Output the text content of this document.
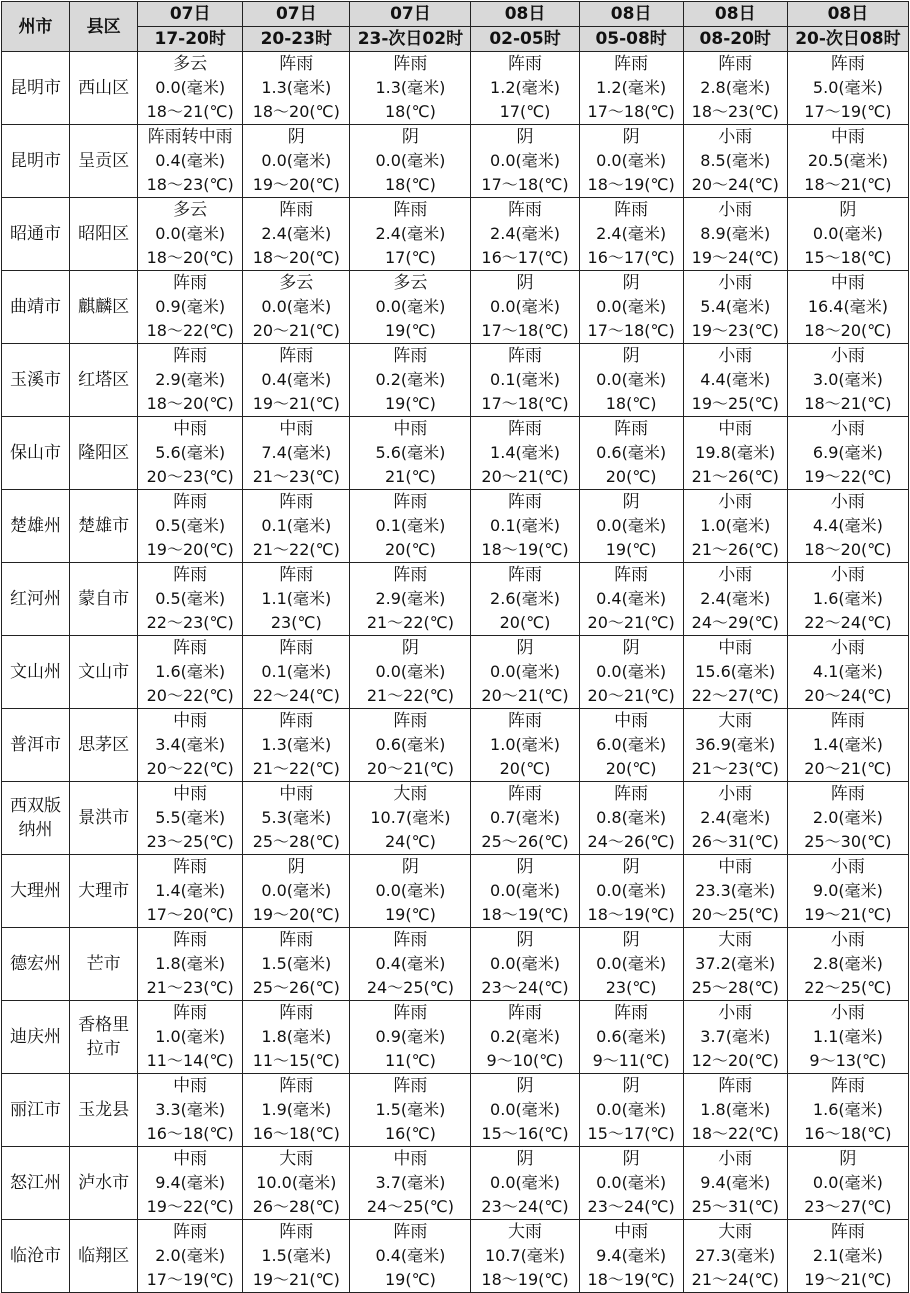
州市	县区	07日	07日	07日	08日	08日	08日	08日
		17-20时	20-23时	23-次日02时	02-05时	05-08时	08-20时	20-次日08时
昆明市	西山区	多云
0.0(毫米)
18～21(℃)	阵雨
1.3(毫米)
18～20(℃)	阵雨
1.3(毫米)
18(℃)	阵雨
1.2(毫米)
17(℃)	阵雨
1.2(毫米)
17～18(℃)	阵雨
2.8(毫米)
18～23(℃)	阵雨
5.0(毫米)
17～19(℃)

昆明市	呈贡区	阵雨转中雨
0.4(毫米)
18～23(℃)	阴
0.0(毫米)
19～20(℃)	阴
0.0(毫米)
18(℃)	阴
0.0(毫米)
17～18(℃)	阴
0.0(毫米)
18～19(℃)	小雨
8.5(毫米)
20～24(℃)	中雨
20.5(毫米)
18～21(℃)

昭通市	昭阳区	多云
0.0(毫米)
18～20(℃)	阵雨
2.4(毫米)
18～20(℃)	阵雨
2.4(毫米)
17(℃)	阵雨
2.4(毫米)
16～17(℃)	阵雨
2.4(毫米)
16～17(℃)	小雨
8.9(毫米)
19～24(℃)	阴
0.0(毫米)
15～18(℃)

曲靖市	麒麟区	阵雨
0.9(毫米)
18～22(℃)	多云
0.0(毫米)
20～21(℃)	多云
0.0(毫米)
19(℃)	阴
0.0(毫米)
17～18(℃)	阴
0.0(毫米)
17～18(℃)	小雨
5.4(毫米)
19～23(℃)	中雨
16.4(毫米)
18～20(℃)

玉溪市	红塔区	阵雨
2.9(毫米)
18～20(℃)	阵雨
0.4(毫米)
19～21(℃)	阵雨
0.2(毫米)
19(℃)	阵雨
0.1(毫米)
17～18(℃)	阴
0.0(毫米)
18(℃)	小雨
4.4(毫米)
19～25(℃)	小雨
3.0(毫米)
18～21(℃)

保山市	隆阳区	中雨
5.6(毫米)
20～23(℃)	中雨
7.4(毫米)
21～23(℃)	中雨
5.6(毫米)
21(℃)	阵雨
1.4(毫米)
20～21(℃)	阵雨
0.6(毫米)
20(℃)	中雨
19.8(毫米)
21～26(℃)	小雨
6.9(毫米)
19～22(℃)

楚雄州	楚雄市	阵雨
0.5(毫米)
19～20(℃)	阵雨
0.1(毫米)
21～22(℃)	阵雨
0.1(毫米)
20(℃)	阵雨
0.1(毫米)
18～19(℃)	阴
0.0(毫米)
19(℃)	小雨
1.0(毫米)
21～26(℃)	小雨
4.4(毫米)
18～20(℃)

红河州	蒙自市	阵雨
0.5(毫米)
22～23(℃)	阵雨
1.1(毫米)
23(℃)	阵雨
2.9(毫米)
21～22(℃)	阵雨
2.6(毫米)
20(℃)	阵雨
0.4(毫米)
20～21(℃)	小雨
2.4(毫米)
24～29(℃)	小雨
1.6(毫米)
22～24(℃)

文山州	文山市	阵雨
1.6(毫米)
20～22(℃)	阵雨
0.1(毫米)
22～24(℃)	阴
0.0(毫米)
21～22(℃)	阴
0.0(毫米)
20～21(℃)	阴
0.0(毫米)
20～21(℃)	中雨
15.6(毫米)
22～27(℃)	小雨
4.1(毫米)
20～24(℃)

普洱市	思茅区	中雨
3.4(毫米)
20～22(℃)	阵雨
1.3(毫米)
21～22(℃)	阵雨
0.6(毫米)
20～21(℃)	阵雨
1.0(毫米)
20(℃)	中雨
6.0(毫米)
20(℃)	大雨
36.9(毫米)
21～23(℃)	阵雨
1.4(毫米)
20～21(℃)

西双版纳州	景洪市	中雨
5.5(毫米)
23～25(℃)	中雨
5.3(毫米)
25～28(℃)	大雨
10.7(毫米)
24(℃)	阵雨
0.7(毫米)
25～26(℃)	阵雨
0.8(毫米)
24～26(℃)	小雨
2.4(毫米)
26～31(℃)	阵雨
2.0(毫米)
25～30(℃)

大理州	大理市	阵雨
1.4(毫米)
17～20(℃)	阴
0.0(毫米)
19～20(℃)	阴
0.0(毫米)
19(℃)	阴
0.0(毫米)
18～19(℃)	阴
0.0(毫米)
18～19(℃)	中雨
23.3(毫米)
20～25(℃)	小雨
9.0(毫米)
19～21(℃)

德宏州	芒市	阵雨
1.8(毫米)
21～23(℃)	阵雨
1.5(毫米)
25～26(℃)	阵雨
0.4(毫米)
24～25(℃)	阴
0.0(毫米)
23～24(℃)	阴
0.0(毫米)
23(℃)	大雨
37.2(毫米)
25～28(℃)	小雨
2.8(毫米)
22～25(℃)

迪庆州	香格里拉市	阵雨
1.0(毫米)
11～14(℃)	阵雨
1.8(毫米)
11～15(℃)	阵雨
0.9(毫米)
11(℃)	阵雨
0.2(毫米)
9～10(℃)	阵雨
0.6(毫米)
9～11(℃)	小雨
3.7(毫米)
12～20(℃)	小雨
1.1(毫米)
9～13(℃)

丽江市	玉龙县	中雨
3.3(毫米)
16～18(℃)	阵雨
1.9(毫米)
16～18(℃)	阵雨
1.5(毫米)
16(℃)	阴
0.0(毫米)
15～16(℃)	阴
0.0(毫米)
15～17(℃)	阵雨
1.8(毫米)
18～22(℃)	阵雨
1.6(毫米)
16～18(℃)

怒江州	泸水市	中雨
9.4(毫米)
19～22(℃)	大雨
10.0(毫米)
26～28(℃)	中雨
3.7(毫米)
24～25(℃)	阴
0.0(毫米)
23～24(℃)	阴
0.0(毫米)
23～24(℃)	小雨
9.4(毫米)
25～31(℃)	阴
0.0(毫米)
23～27(℃)

临沧市	临翔区	阵雨
2.0(毫米)
17～19(℃)	阵雨
1.5(毫米)
19～21(℃)	阵雨
0.4(毫米)
19(℃)	大雨
10.7(毫米)
18～19(℃)	中雨
9.4(毫米)
18～19(℃)	大雨
27.3(毫米)
21～24(℃)	阵雨
2.1(毫米)
19～21(℃)
